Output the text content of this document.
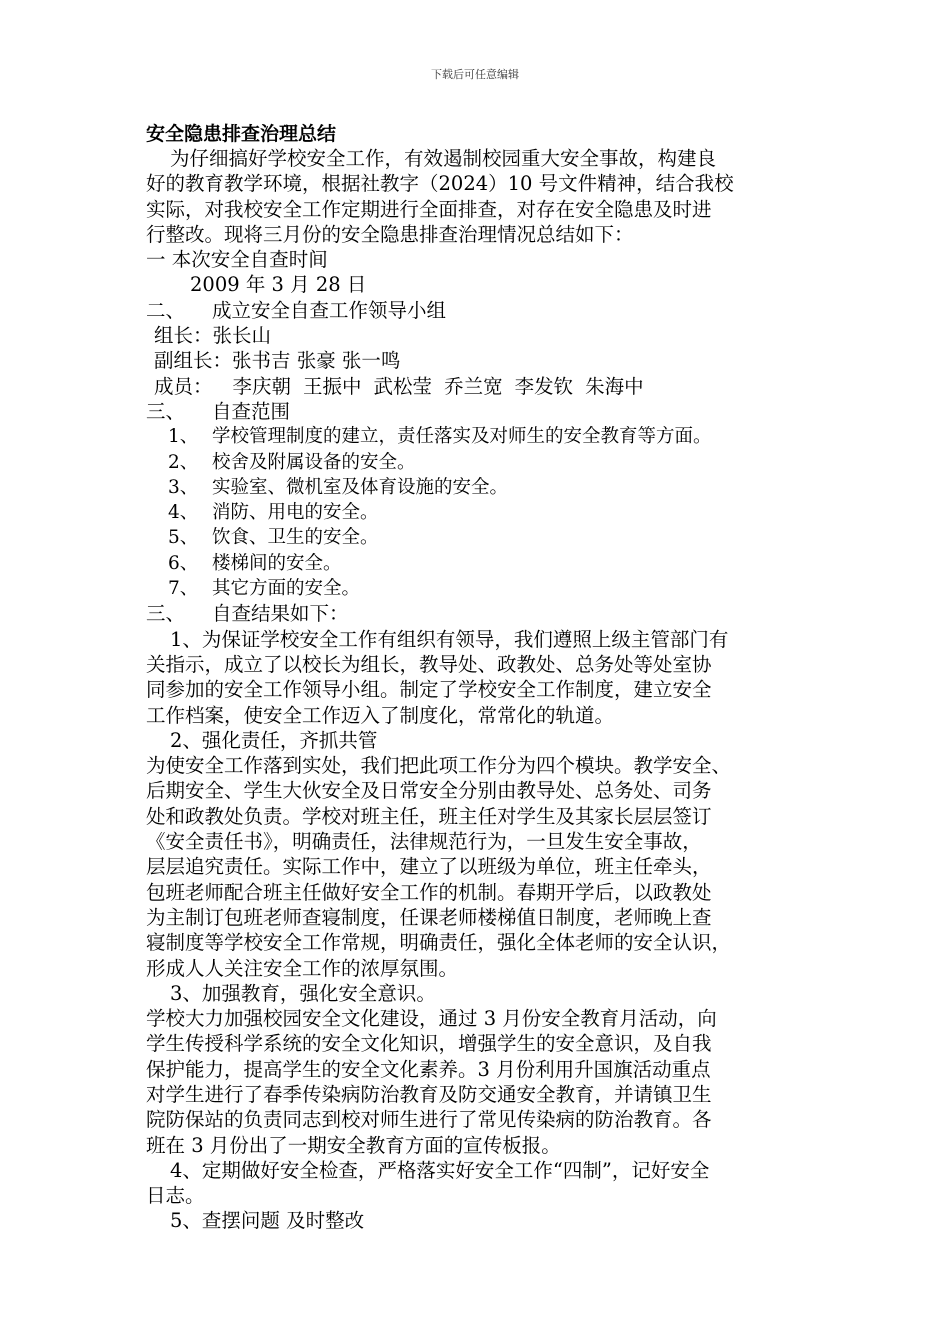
下载后可任意编辑
安全隐患排查治理总结
为仔细搞好学校安全工作，有效遏制校园重大安全事故，构建良
好的教育教学环境，根据社教字（2024）10 号文件精神，结合我校
实际，对我校安全工作定期进行全面排查，对存在安全隐患及时进
行整改。现将三月份的安全隐患排查治理情况总结如下：
一 本次安全自查时间
2009 年 3 月 28 日
二、 成立安全自查工作领导小组
组长：张长山
副组长：张书吉 张豪 张一鸣
成员： 李庆朝 王振中 武松莹 乔兰宽 李发钦 朱海中
三、 自查范围
1、 学校管理制度的建立，责任落实及对师生的安全教育等方面。
2、 校舍及附属设备的安全。
3、 实验室、微机室及体育设施的安全。
4、 消防、用电的安全。
5、 饮食、卫生的安全。
6、 楼梯间的安全。
7、 其它方面的安全。
三、 自查结果如下：
1、为保证学校安全工作有组织有领导，我们遵照上级主管部门有
关指示，成立了以校长为组长，教导处、政教处、总务处等处室协
同参加的安全工作领导小组。制定了学校安全工作制度，建立安全
工作档案，使安全工作迈入了制度化，常常化的轨道。
2、强化责任，齐抓共管
为使安全工作落到实处，我们把此项工作分为四个模块。教学安全、
后期安全、学生大伙安全及日常安全分别由教导处、总务处、司务
处和政教处负责。学校对班主任，班主任对学生及其家长层层签订
《安全责任书》，明确责任，法律规范行为，一旦发生安全事故，
层层追究责任。实际工作中，建立了以班级为单位，班主任牵头，
包班老师配合班主任做好安全工作的机制。春期开学后，以政教处
为主制订包班老师查寝制度，任课老师楼梯值日制度，老师晚上查
寝制度等学校安全工作常规，明确责任，强化全体老师的安全认识，
形成人人关注安全工作的浓厚氛围。
3、加强教育，强化安全意识。
学校大力加强校园安全文化建设，通过 3 月份安全教育月活动，向
学生传授科学系统的安全文化知识，增强学生的安全意识，及自我
保护能力，提高学生的安全文化素养。3 月份利用升国旗活动重点
对学生进行了春季传染病防治教育及防交通安全教育，并请镇卫生
院防保站的负责同志到校对师生进行了常见传染病的防治教育。各
班在 3 月份出了一期安全教育方面的宣传板报。
4、定期做好安全检查，严格落实好安全工作“四制”，记好安全
日志。
5、查摆问题 及时整改
